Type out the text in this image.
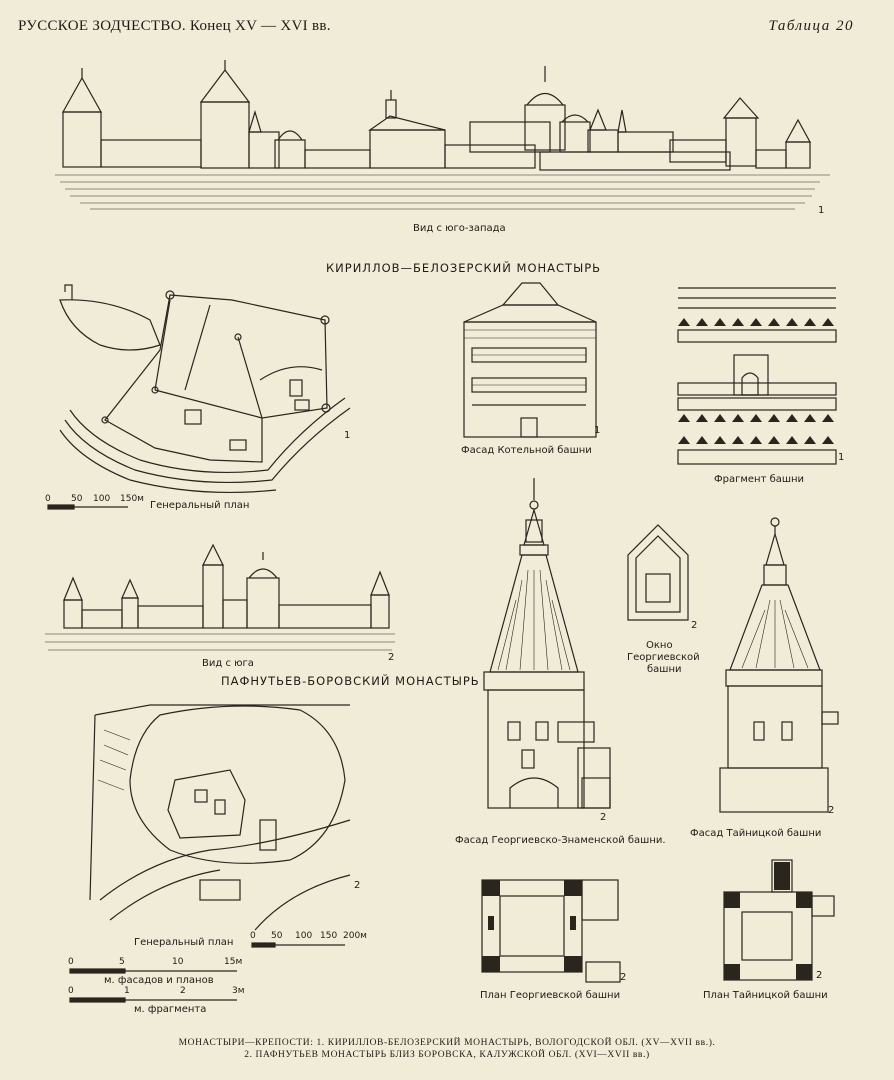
РУССКОЕ ЗОДЧЕСТВО. Конец XV — XVI вв.	Таблица 20
Вид с юго-запада
1
КИРИЛЛОВ—БЕЛОЗЕРСКИЙ МОНАСТЫРЬ
0 50 100 150м
Генеральный план
1
Фасад Котельной башни
1
Фрагмент башни
1
Вид с юга
2
ПАФНУТЬЕВ-БОРОВСКИЙ МОНАСТЫРЬ
Генеральный план
2
0 50 100 150 200м
0	5	10	15м
м. фасадов и планов
0	1	2	3м
м. фрагмента
Фасад Георгиевско-Знаменской башни.
2
Окно
Георгиевской
башни
2
Фасад Тайницкой башни
2
План Георгиевской башни
2
План Тайницкой башни
2
МОНАСТЫРИ—КРЕПОСТИ: 1. КИРИЛЛОВ-БЕЛОЗЕРСКИЙ МОНАСТЫРЬ, ВОЛОГОДСКОЙ ОБЛ. (XV—XVII вв.).
2. ПАФНУТЬЕВ МОНАСТЫРЬ БЛИЗ БОРОВСКА, КАЛУЖСКОЙ ОБЛ. (XVI—XVII вв.)
